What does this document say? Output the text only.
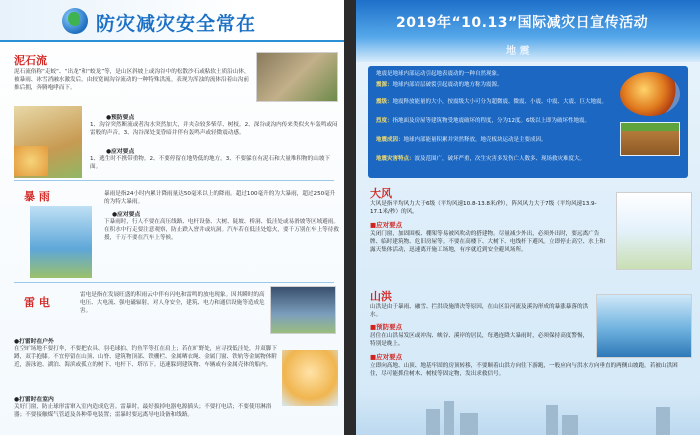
防灾减灾安全常在
泥石流
泥石流俗称“走蛟”、“出龙”和“蛟龙”等，是山区斜坡上或沟谷中的松散沙石或粘软土质沿山体，被暴雨、冰雪消融水激发后，由较宽阔沟谷流动的一种特殊洪流。表现为浑浊的流体沿着山沟前推后拥，奔腾咆哮而下。
●预防要点
1、沟谷突然断流或者沟水突然加大，并夹杂较多柴草、树枝。2、深谷或沟内传来类似火车轰鸣或闷雷般的声音。3、沟谷深处变昏暗并伴有轰鸣声或轻微震动感。
●应对要点
1、逃生时不携带重物。2、不要停留在地势低的地方。3、不要躲在有泥石和大量堆积物的山坡下面。
暴 雨	暴雨是指24小时内累计降雨量达50毫米以上的降雨。超过100毫升的为大暴雨，超过250毫升的为特大暴雨。
●应对要点
下暴雨时，行人不要在高压线路、电杆设备、大树、陡坡、桥洞、低洼处或易滑坡等区域避雨。在积水中行走要注意观察，防止跌入窨井或坑洞。汽车若在低洼处熄火，要千万别在车上等待救援，千万不要在汽车上等候。
雷 电
雷电是指在发展旺盛的积雨云中伴有闪电和雷鸣的放电现象。因其瞬时的高电压、大电流、强电磁辐射，对人身安全，建筑、电力和通信设施等造成危害。
●打雷时在户外
在空旷场地不要打伞，不要把农具、羽毛球拍、钓鱼竿等扛在肩上；若在旷野处，应寻找低洼处，并双脚下蹲，双手抱膝。不宜停留在山顶、山脊、建筑物顶部、铁栅栏、金属晒衣绳、金属门窗、铁轨等金属物体附近，游泳池、湖泊、海滨或孤立的树下、电杆下、塔吊下。迅速躲到建筑物、车辆或有金属壳体的船内。
●打雷时在室内
关好门窗，防止球形雷窜入室内造成危害。雷暴时，最好拔掉电器电源插头；不要打电话；不要使用淋浴器；不要接触煤气管道及各种带电装置；雷暴时要远离导电设备和线路。
2019年“10.13”国际减灾日宣传活动
地 震
地震是地球内部运动引起地表震动的一种自然现象。
震源：地球内部岩层破裂引起震动的地方称为震源。
震级：地震释放能量的大小，按震级大小可分为超微震、微震、小震、中震、大震、巨大地震。
烈度：指地面及房屋等建筑物受地震破坏的程度，分为12度。6级以上即为破坏性地震。
地震成因：地球内部能量积累并突然释放，地壳板块运动是主要成因。
地震灾害特点：波及范围广，破坏严重，次生灾害多发伤亡人数多、现场救灾难度大。
大风
大风是指平均风力大于6级（平均风速10.8-13.8米/秒），阵风风力大于7级（平均风速13.9-17.1米/秒）的风。
■应对要点
关闭门窗，加固围板、棚架等易被风吹动的搭建物。尽量减少外出，必须外出时，要远离广告牌、临时建筑物、危旧房屋等。不要在高楼下、大树下、电线杆下避风。立即停止高空、水上和露天集体活动，迅速离开施工场地，有序就近到安全避风场所。
山洪
山洪是由于暴雨、融雪、拦洪设施溃决等原因，在山区沿河流及溪沟形成的暴涨暴落的洪水。
■预防要点
居住在山洪易发区或冲沟、峡谷、溪岸的居民，每遇连降大暴雨时，必须保持高度警惕，特别是晚上。
■应对要点
立即向高地、山顶、地基牢固的房顶转移，不要顺着山洪方向往下游跑，一般应向与洪水方向垂直的两侧山坡跑。若被山洪困住，尽可能抓住树木、树枝等固定物，发出求救信号。
